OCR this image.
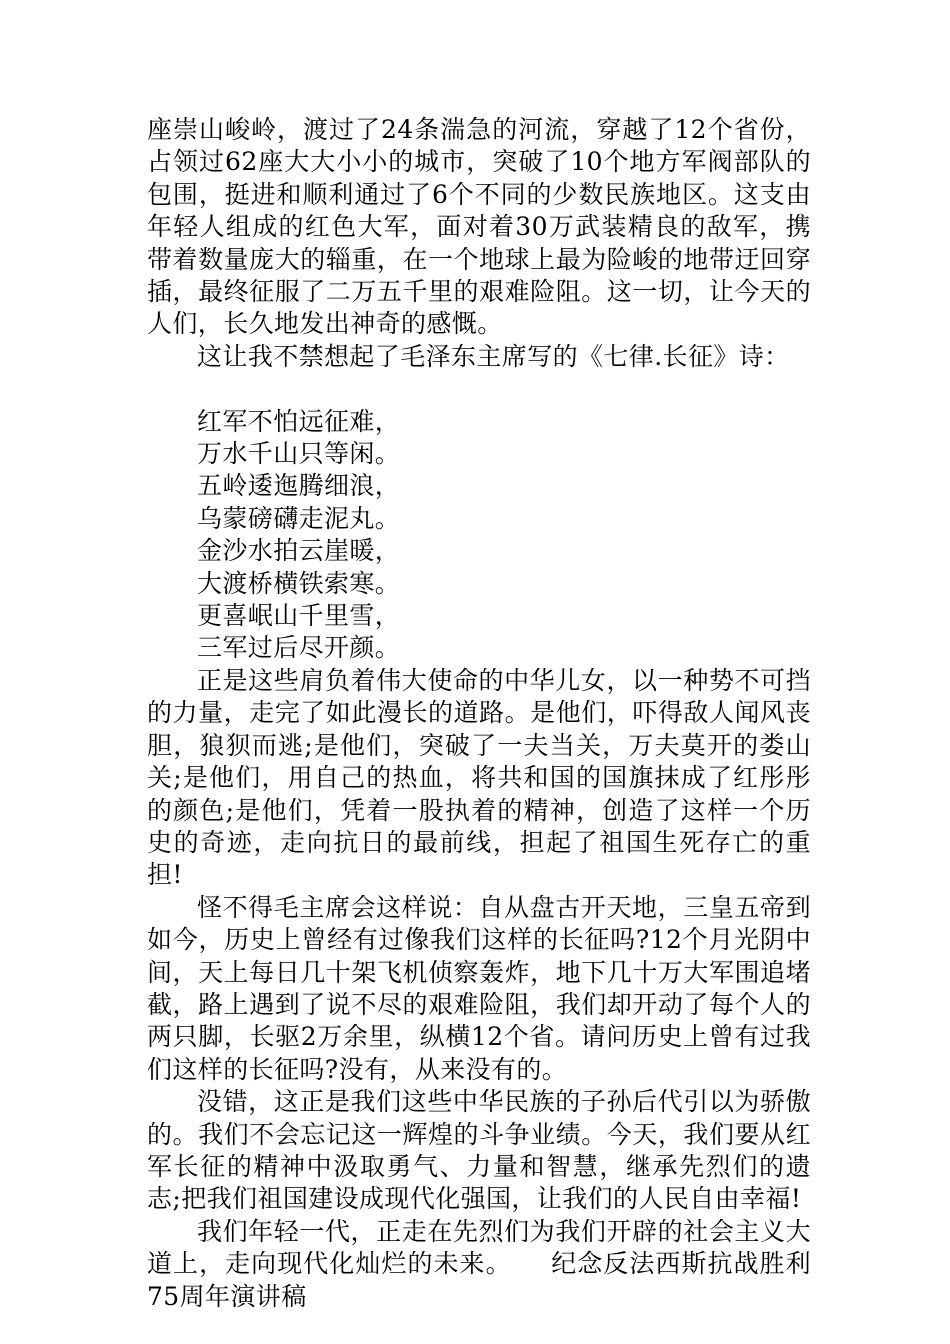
座崇山峻岭，渡过了24条湍急的河流，穿越了12个省份，占领过62座大大小小的城市，突破了10个地方军阀部队的包围，挺进和顺利通过了6个不同的少数民族地区。这支由年轻人组成的红色大军，面对着30万武装精良的敌军，携带着数量庞大的辎重，在一个地球上最为险峻的地带迂回穿插，最终征服了二万五千里的艰难险阻。这一切，让今天的人们，长久地发出神奇的感慨。

这让我不禁想起了毛泽东主席写的《七律.长征》诗：

红军不怕远征难，

万水千山只等闲。

五岭逶迤腾细浪，

乌蒙磅礴走泥丸。

金沙水拍云崖暖，

大渡桥横铁索寒。

更喜岷山千里雪，

三军过后尽开颜。

正是这些肩负着伟大使命的中华儿女，以一种势不可挡的力量，走完了如此漫长的道路。是他们，吓得敌人闻风丧胆，狼狈而逃;是他们，突破了一夫当关，万夫莫开的娄山关;是他们，用自己的热血，将共和国的国旗抹成了红彤彤的颜色;是他们，凭着一股执着的精神，创造了这样一个历史的奇迹，走向抗日的最前线，担起了祖国生死存亡的重担!

怪不得毛主席会这样说：自从盘古开天地，三皇五帝到如今，历史上曾经有过像我们这样的长征吗?12个月光阴中间，天上每日几十架飞机侦察轰炸，地下几十万大军围追堵截，路上遇到了说不尽的艰难险阻，我们却开动了每个人的两只脚，长驱2万余里，纵横12个省。请问历史上曾有过我们这样的长征吗?没有，从来没有的。

没错，这正是我们这些中华民族的子孙后代引以为骄傲的。我们不会忘记这一辉煌的斗争业绩。今天，我们要从红军长征的精神中汲取勇气、力量和智慧，继承先烈们的遗志;把我们祖国建设成现代化强国，让我们的人民自由幸福!

我们年轻一代，正走在先烈们为我们开辟的社会主义大道上，走向现代化灿烂的未来。　　纪念反法西斯抗战胜利75周年演讲稿
